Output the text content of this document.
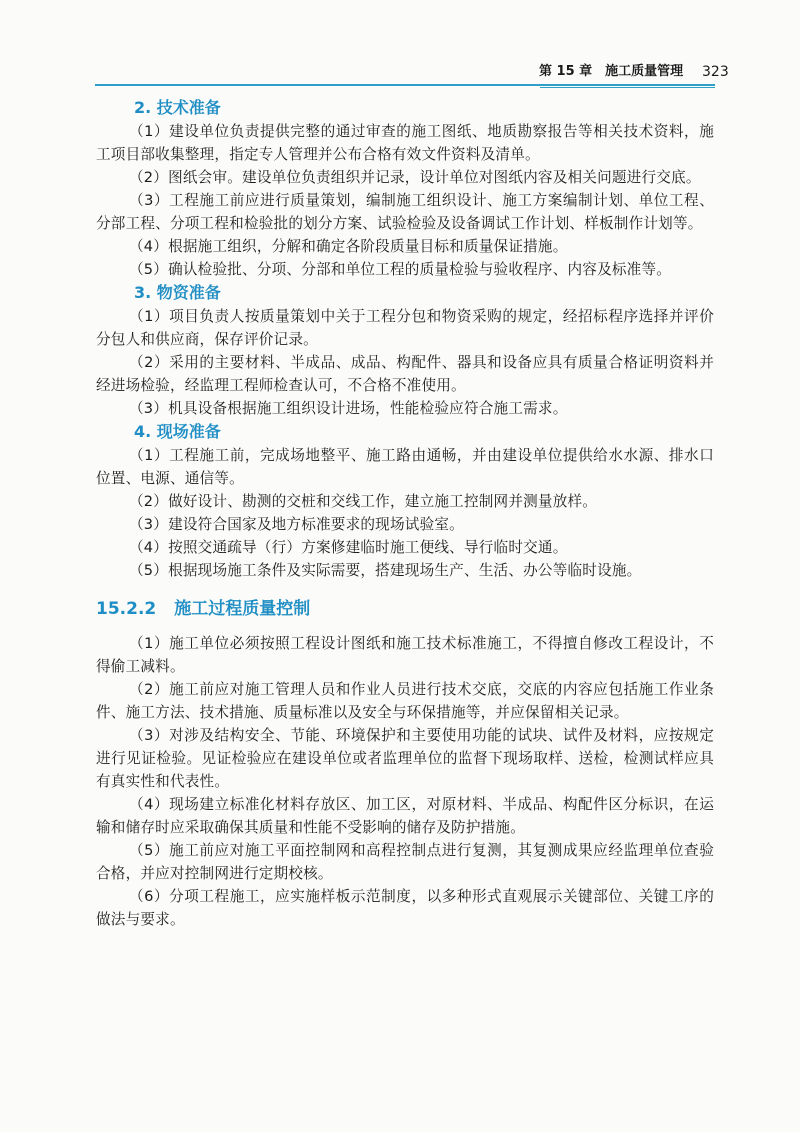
第 15 章　施工质量管理 323

2. 技术准备

（1）建设单位负责提供完整的通过审查的施工图纸、地质勘察报告等相关技术资料，施工项目部收集整理，指定专人管理并公布合格有效文件资料及清单。

（2）图纸会审。建设单位负责组织并记录，设计单位对图纸内容及相关问题进行交底。

（3）工程施工前应进行质量策划，编制施工组织设计、施工方案编制计划、单位工程、分部工程、分项工程和检验批的划分方案、试验检验及设备调试工作计划、样板制作计划等。

（4）根据施工组织，分解和确定各阶段质量目标和质量保证措施。

（5）确认检验批、分项、分部和单位工程的质量检验与验收程序、内容及标准等。

3. 物资准备

（1）项目负责人按质量策划中关于工程分包和物资采购的规定，经招标程序选择并评价分包人和供应商，保存评价记录。

（2）采用的主要材料、半成品、成品、构配件、器具和设备应具有质量合格证明资料并经进场检验，经监理工程师检查认可，不合格不准使用。

（3）机具设备根据施工组织设计进场，性能检验应符合施工需求。

4. 现场准备

（1）工程施工前，完成场地整平、施工路由通畅，并由建设单位提供给水水源、排水口位置、电源、通信等。

（2）做好设计、勘测的交桩和交线工作，建立施工控制网并测量放样。

（3）建设符合国家及地方标准要求的现场试验室。

（4）按照交通疏导（行）方案修建临时施工便线、导行临时交通。

（5）根据现场施工条件及实际需要，搭建现场生产、生活、办公等临时设施。

15.2.2 施工过程质量控制

（1）施工单位必须按照工程设计图纸和施工技术标准施工，不得擅自修改工程设计，不得偷工减料。

（2）施工前应对施工管理人员和作业人员进行技术交底，交底的内容应包括施工作业条件、施工方法、技术措施、质量标准以及安全与环保措施等，并应保留相关记录。

（3）对涉及结构安全、节能、环境保护和主要使用功能的试块、试件及材料，应按规定进行见证检验。见证检验应在建设单位或者监理单位的监督下现场取样、送检，检测试样应具有真实性和代表性。

（4）现场建立标准化材料存放区、加工区，对原材料、半成品、构配件区分标识，在运输和储存时应采取确保其质量和性能不受影响的储存及防护措施。

（5）施工前应对施工平面控制网和高程控制点进行复测，其复测成果应经监理单位查验合格，并应对控制网进行定期校核。

（6）分项工程施工，应实施样板示范制度，以多种形式直观展示关键部位、关键工序的做法与要求。
